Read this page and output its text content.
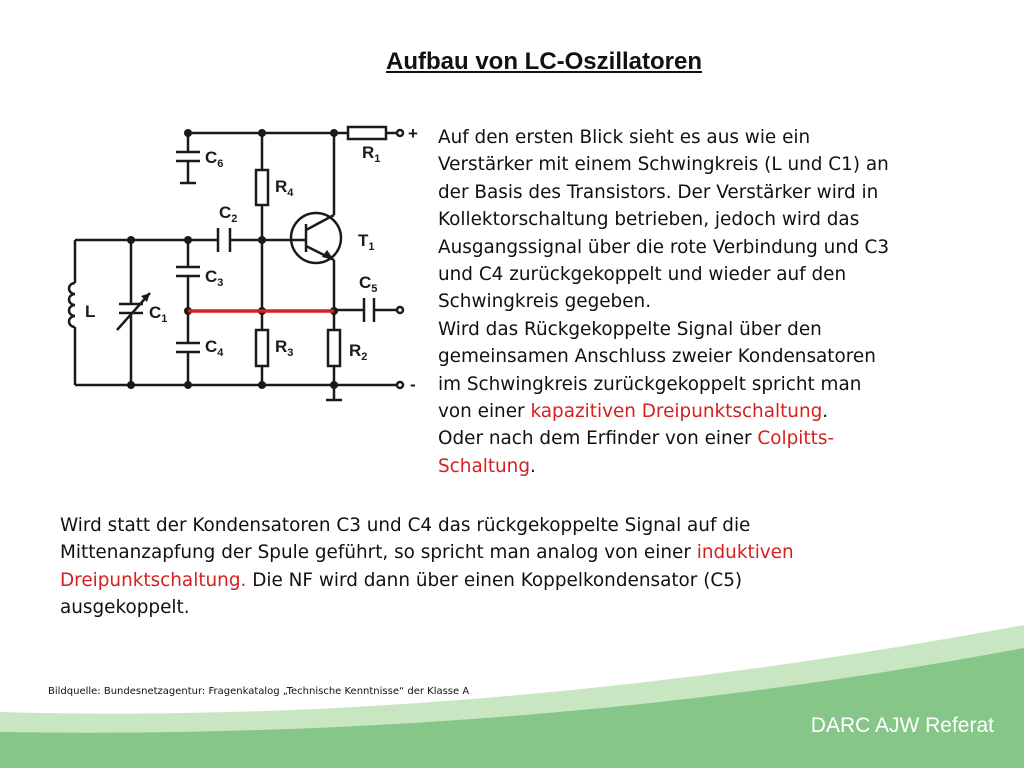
Aufbau von LC-Oszillatoren
$C_6$
$R_4$
$C_2$
$T_1$
$R_1$
$C_3$	$C_5$
L	$C_1$
$C_4$	$R_3$	$R_2$
+
-

Auf den ersten Blick sieht es aus wie ein

Verstärker mit einem Schwingkreis (L und C1) an

der Basis des Transistors. Der Verstärker wird in

Kollektorschaltung betrieben, jedoch wird das

Ausgangssignal über die rote Verbindung und C3

und C4 zurückgekoppelt und wieder auf den

Schwingkreis gegeben.

Wird das Rückgekoppelte Signal über den

gemeinsamen Anschluss zweier Kondensatoren

im Schwingkreis zurückgekoppelt spricht man

von einer kapazitiven Dreipunktschaltung.

Oder nach dem Erfinder von einer Colpitts-

Schaltung.

Wird statt der Kondensatoren C3 und C4 das rückgekoppelte Signal auf die

Mittenanzapfung der Spule geführt, so spricht man analog von einer induktiven

Dreipunktschaltung. Die NF wird dann über einen Koppelkondensator (C5)

ausgekoppelt.

Bildquelle: Bundesnetzagentur: Fragenkatalog „Technische Kenntnisse“ der Klasse A
DARC AJW Referat
